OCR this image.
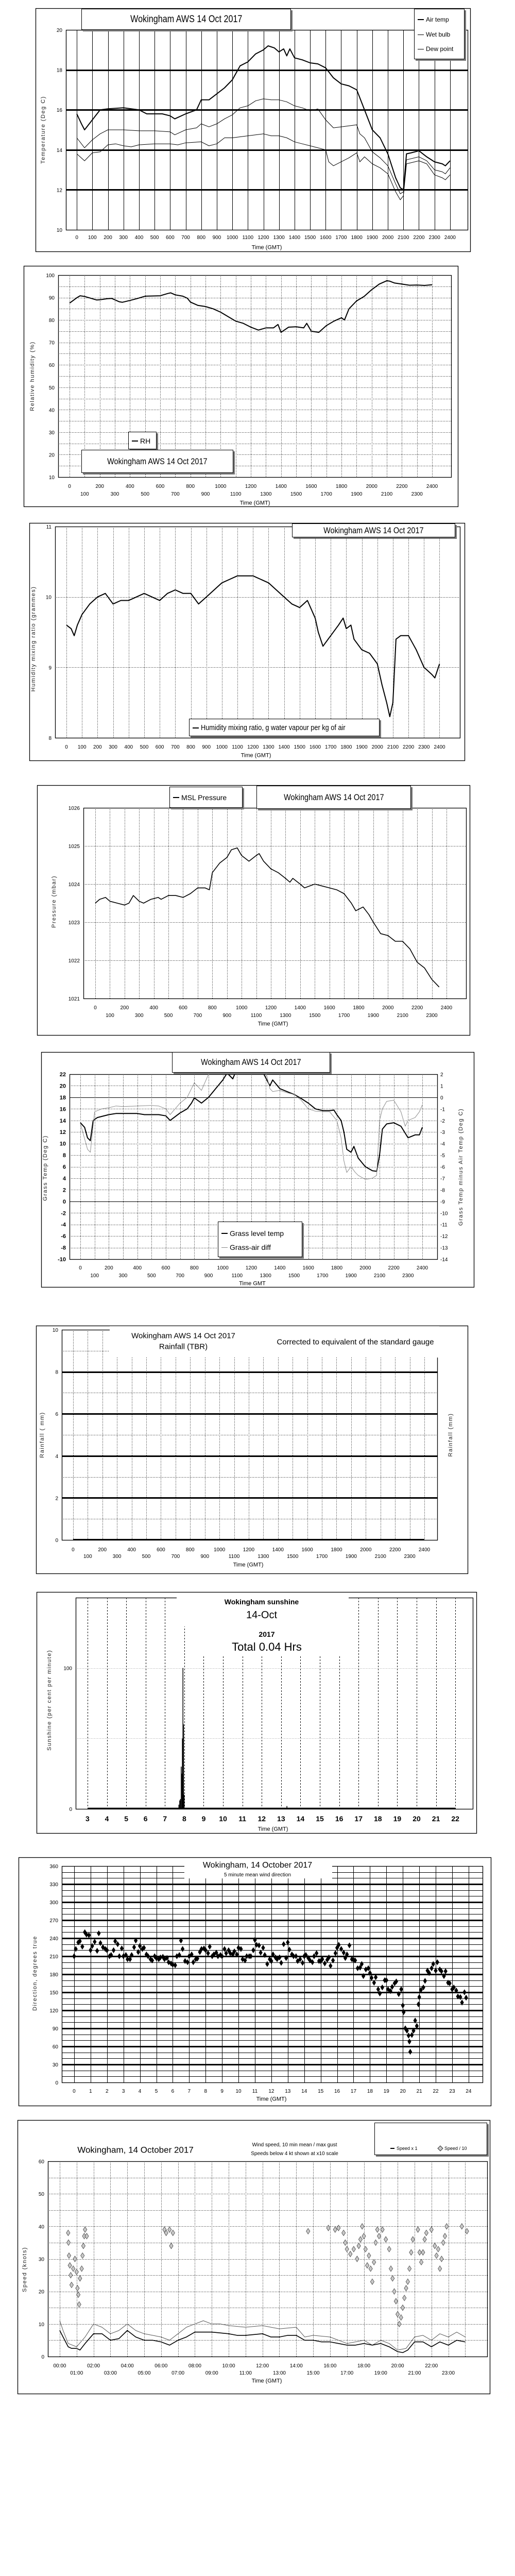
10
12
14
16
18
20
0 100 200 300 400 500 600 700 800 900 1000 1100 1200 1300 1400 1500 1600 1700 1800 1900 2000 2100 2200 2300 2400
10
20
30
40
50
60
70
80
90
100
0
100
200
300
400
500
600
700
800
900
1000
1100
1200
1300
1400
1500
1600
1700
1800
1900
2000
2100
2200
2300
2400
8
9
10
11
0 100 200 300 400 500 600 700 800 900 1000 1100 1200 1300 1400 1500 1600 1700 1800 1900 2000 2100 2200 2300 2400
1021
1022
1023
1024
1025
1026
0
100
200
300
400
500
600
700
800
900
1000
1100
1200
1300
1400
1500
1600
1700
1800
1900
2000
2100
2200
2300
2400
-10
-8
-6
-4
-2
0
2
4
6
8
10
12
14
16
18
20
22
-14
-13
-12
-11
-10
-9
-8
-7
-6
-5
-4
-3
-2
-1
0
1
2
0
100
200
300
400
500
600
700
800
900
1000
1100
1200
1300
1400
1500
1600
1700
1800
1900
2000
2100
2200
2300
2400
0
2
4
6
8
10
0
100
200
300
400
500
600
700
800
900
1000
1100
1200
1300
1400
1500
1600
1700
1800
1900
2000
2100
2200
2300
2400
0
100
3 4 5 6 7 8 9 10 11 12 13 14 15 16 17 18 19 20 21 22
0
30
60
90
120
150
180
210
240
270
300
330
360
0	1	2	3	4	5	6	7	8	9 10 11 12 13 14 15 16 17 18 19 20 21 22 23 24
0
10
20
30
40
50
60
00:00
01:00
02:00
03:00
04:00
05:00
06:00
07:00
08:00
09:00
10:00
11:00
12:00
13:00
14:00
15:00
16:00
17:00
18:00
19:00
20:00
21:00
22:00
23:00
Wokingham AWS 14 Oct 2017	Air temp
Wet bulb
Dew point
Temperature (Deg C)
Time (GMT)
RH
Wokingham AWS 14 Oct 2017
Relative humidity (%)
Time (GMT)
Wokingham AWS 14 Oct 2017
Humidity mixing ratio, g water vapour per kg of air
Humidity mixing ratio (grammes)
Time (GMT)
MSL Pressure	Wokingham AWS 14 Oct 2017
Pressure (mbar)
Time (GMT)
Wokingham AWS 14 Oct 2017
Grass level temp
Grass-air diff
Grass Temp (Deg C)	Grass Temp minus Air Temp (Deg C)
Time GMT
Wokingham AWS 14 Oct 2017
Rainfall (TBR)
Corrected to equivalent of the standard gauge
Rainfall ( mm)	Rainfall (mm)
Time (GMT)
Wokingham sunshine
14-Oct
2017
Total 0.04 Hrs
Sunshine (per cent per minute)
Time (GMT)
Wokingham, 14 October 2017
5 minute mean wind direction
Direction, degrees true
Time (GMT)
Wokingham, 14 October 2017	Wind speed, 10 min mean / max gust
Speeds below 4 kt shown at x10 scale
Speed x 1	Speed / 10
Speed (knots)
Time (GMT)
